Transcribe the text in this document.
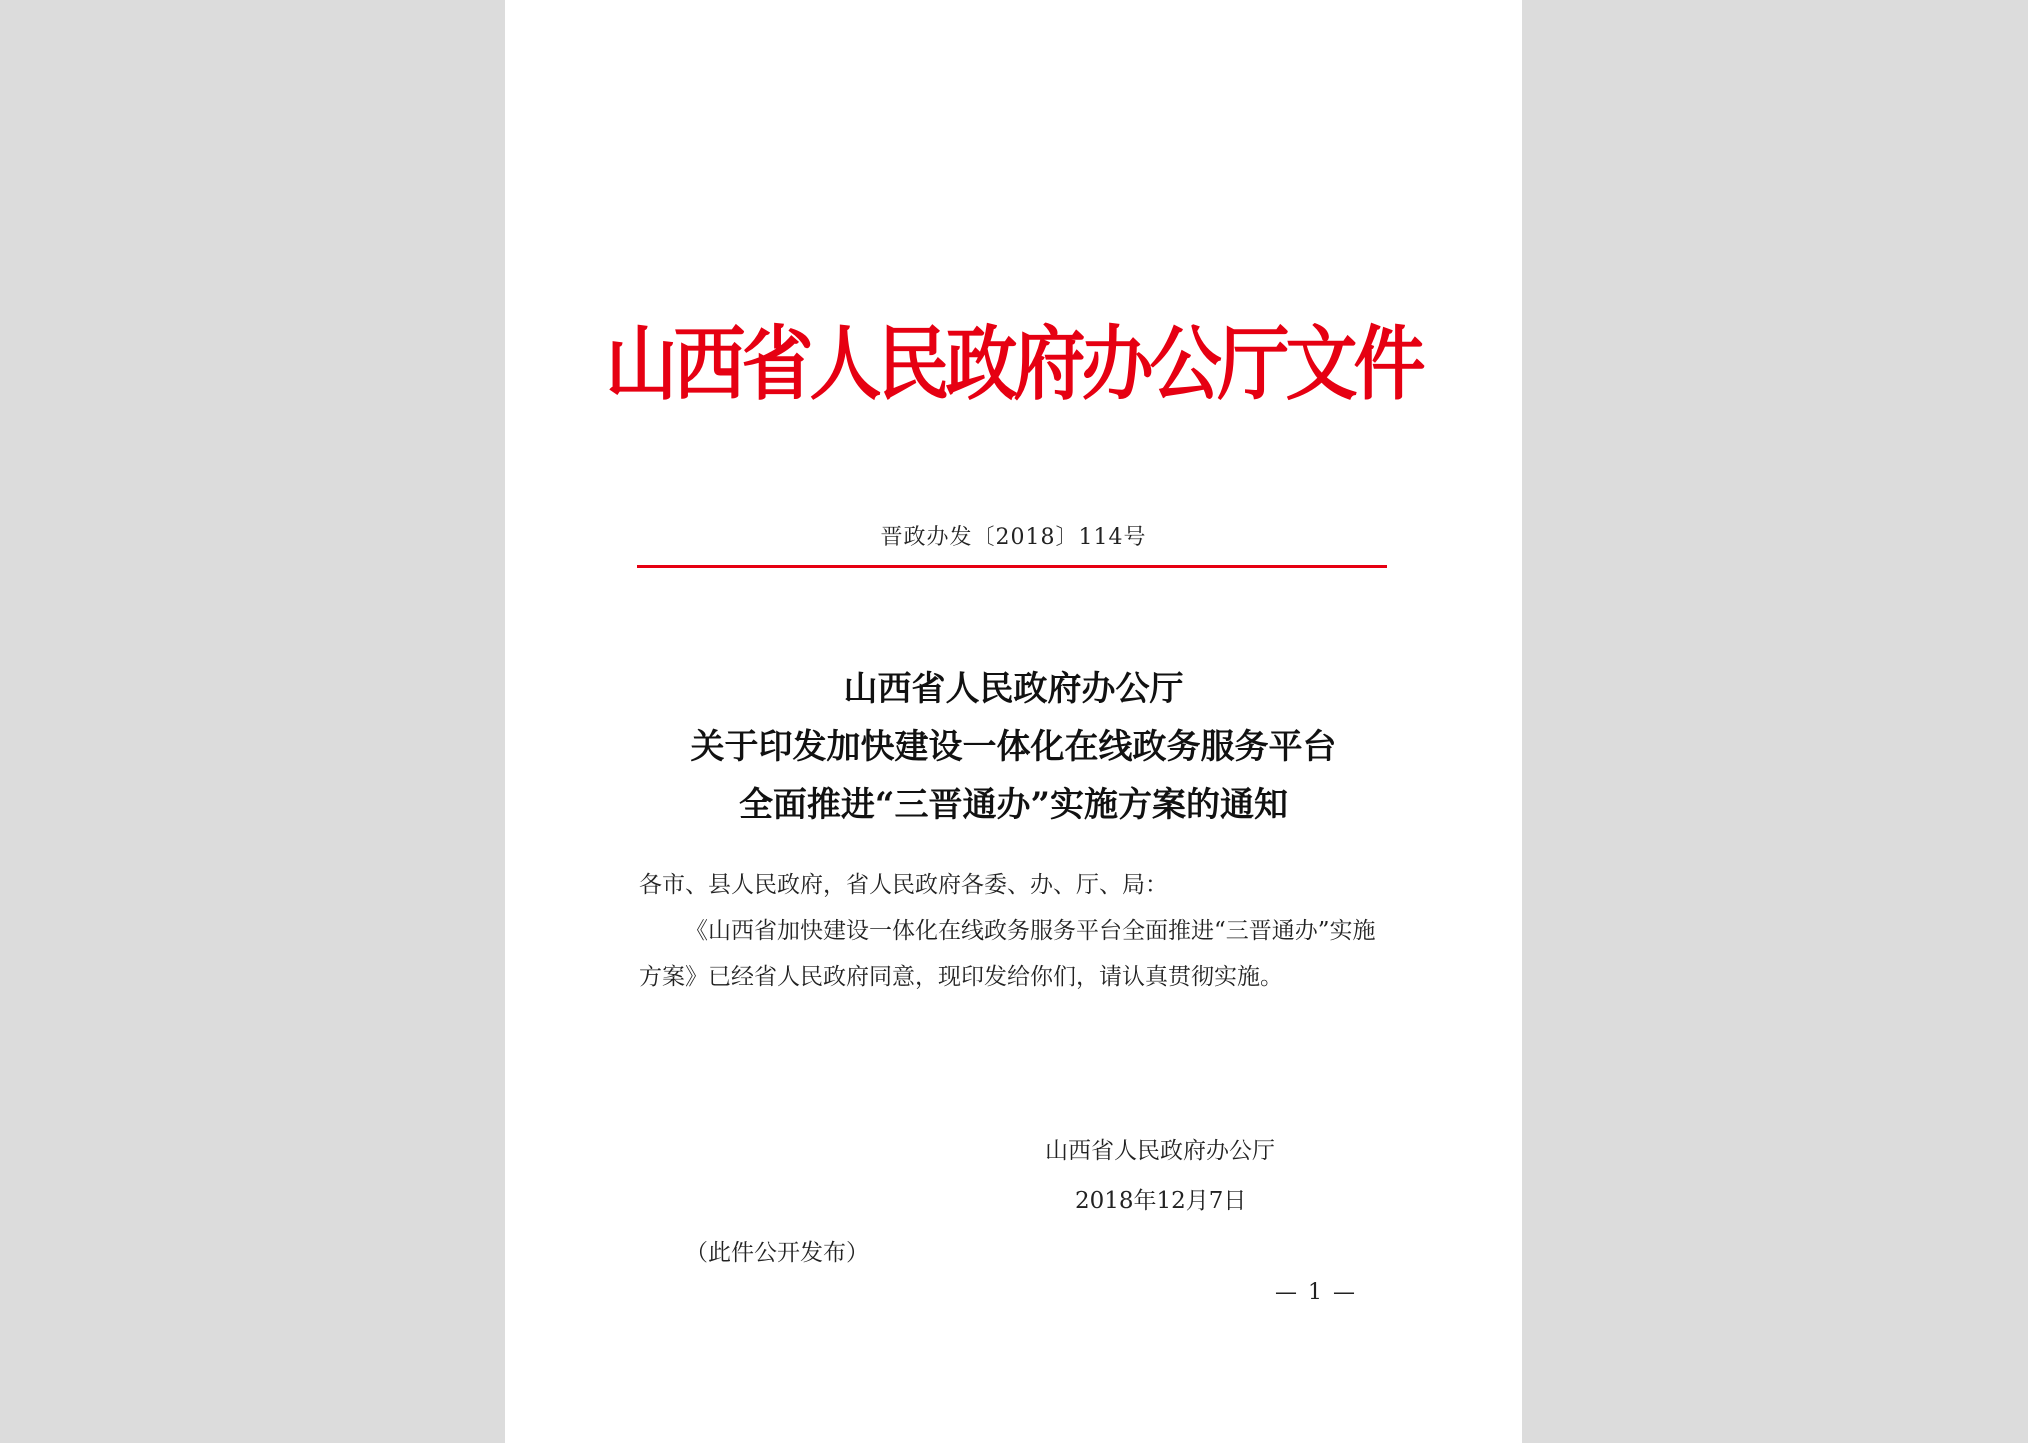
山西省人民政府办公厅文件
晋政办发〔2018〕114号
山西省人民政府办公厅
关于印发加快建设一体化在线政务服务平台
全面推进“三晋通办”实施方案的通知

各市、县人民政府，省人民政府各委、办、厅、局：

《山西省加快建设一体化在线政务服务平台全面推进“三晋通办”实施方案》已经省人民政府同意，现印发给你们，请认真贯彻实施。

山西省人民政府办公厅
2018年12月7日
（此件公开发布）
— 1 —
